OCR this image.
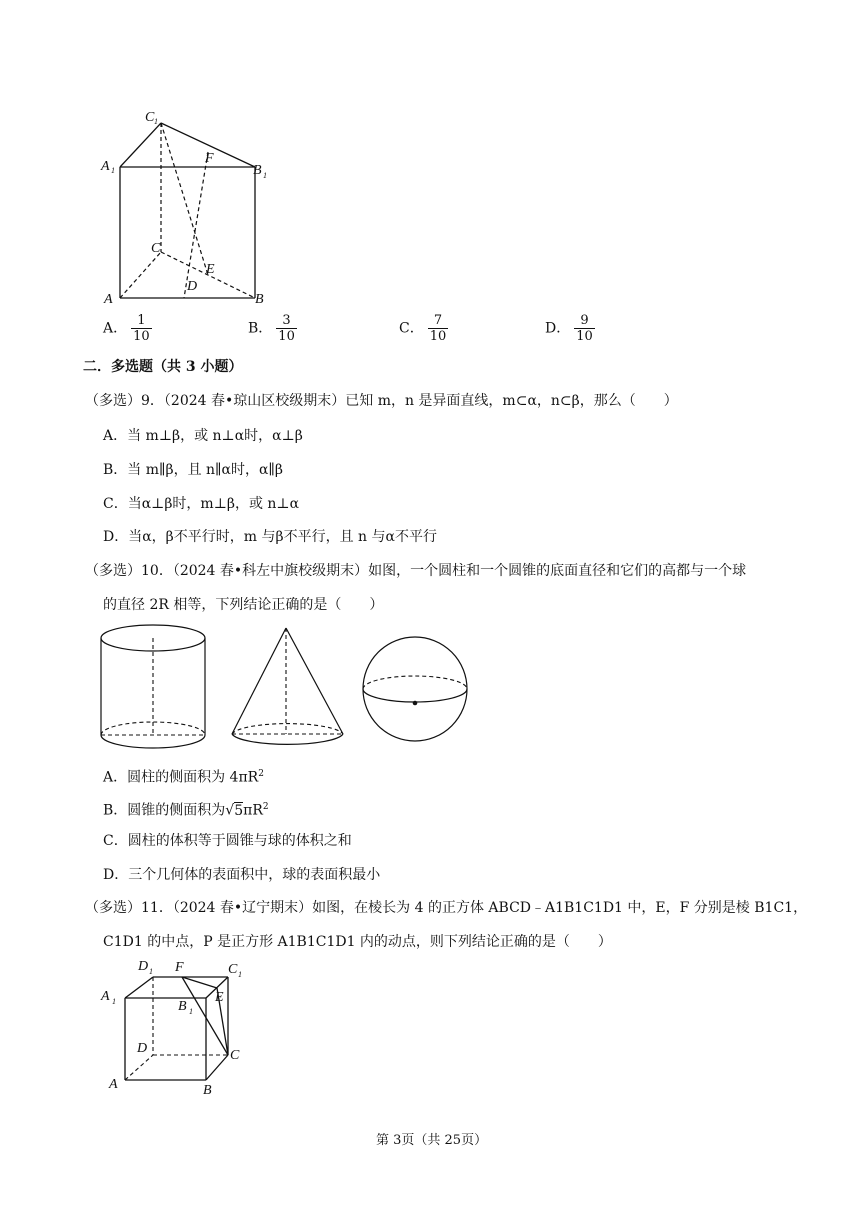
C 1
A 1	B 1
F
C
E
D
A	B
A． $\frac{1}{10}$	B． $\frac{3}{10}$	C． $\frac{7}{10}$	D． $\frac{9}{10}$
二．多选题（共 3 小题）
（多选）9．（2024 春•琼山区校级期末）已知 m，n 是异面直线，m⊂α，n⊂β，那么（　　）
A．当 m⊥β，或 n⊥α时，α⊥β
B．当 m∥β，且 n∥α时，α∥β
C．当α⊥β时，m⊥β，或 n⊥α
D．当α，β不平行时，m 与β不平行，且 n 与α不平行
（多选）10．（2024 春•科左中旗校级期末）如图，一个圆柱和一个圆锥的底面直径和它们的高都与一个球
的直径 2R 相等，下列结论正确的是（　　）
A．圆柱的侧面积为 $4\pi R^2$
B．圆锥的侧面积为$√5\pi R^2$
C．圆柱的体积等于圆锥与球的体积之和
D．三个几何体的表面积中，球的表面积最小
（多选）11．（2024 春•辽宁期末）如图，在棱长为 4 的正方体 ABCD﹣A1B1C1D1 中，E，F 分别是棱 B1C1，
C1D1 的中点，P 是正方形 A1B1C1D1 内的动点，则下列结论正确的是（　　）
D 1 F	C 1
A 1	E
B 1
D	C
A	B
第 3页（共 25页）
